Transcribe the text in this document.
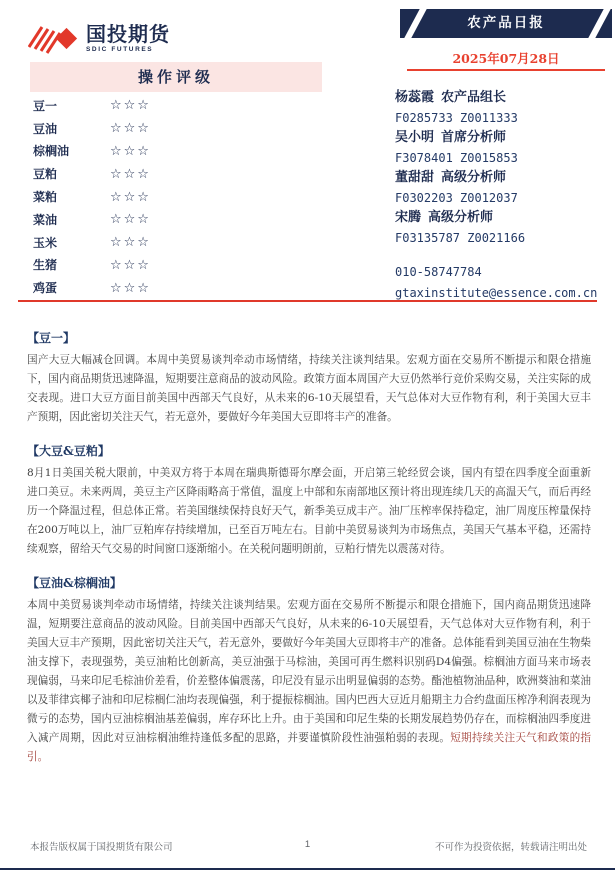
国投期货
SDIC FUTURES
农产品日报
2025年07月28日
操作评级
豆一	☆☆☆
豆油	☆☆☆
棕榈油	☆☆☆
豆粕	☆☆☆
菜粕	☆☆☆
菜油	☆☆☆
玉米	☆☆☆
生猪	☆☆☆
鸡蛋	☆☆☆
杨蕊霞 农产品组长
F0285733 Z0011333
吴小明 首席分析师
F3078401 Z0015853
董甜甜 高级分析师
F0302203 Z0012037
宋腾 高级分析师
F03135787 Z0021166
010-58747784
gtaxinstitute@essence.com.cn
【豆一】

国产大豆大幅减仓回调。本周中美贸易谈判牵动市场情绪，持续关注谈判结果。宏观方面在交易所不断提示和限仓措施下，国内商品期货迅速降温，短期要注意商品的波动风险。政策方面本周国产大豆仍然举行竞价采购交易，关注实际的成交表现。进口大豆方面目前美国中西部天气良好，从未来的6-10天展望看，天气总体对大豆作物有利，利于美国大豆丰产预期，因此密切关注天气，若无意外，要做好今年美国大豆即将丰产的准备。

【大豆&豆粕】

8月1日美国关税大限前，中美双方将于本周在瑞典斯德哥尔摩会面，开启第三轮经贸会谈，国内有望在四季度全面重新进口美豆。未来两周，美豆主产区降雨略高于常值，温度上中部和东南部地区预计将出现连续几天的高温天气，而后再经历一个降温过程，但总体正常。若美国继续保持良好天气，新季美豆成丰产。油厂压榨率保持稳定，油厂周度压榨量保持在200万吨以上，油厂豆粕库存持续增加，已至百万吨左右。目前中美贸易谈判为市场焦点，美国天气基本平稳，还需持续观察，留给天气交易的时间窗口逐渐缩小。在关税问题明朗前，豆粕行情先以震荡对待。

【豆油&棕榈油】

本周中美贸易谈判牵动市场情绪，持续关注谈判结果。宏观方面在交易所不断提示和限仓措施下，国内商品期货迅速降温，短期要注意商品的波动风险。目前美国中西部天气良好，从未来的6-10天展望看，天气总体对大豆作物有利，利于美国大豆丰产预期，因此密切关注天气，若无意外，要做好今年美国大豆即将丰产的准备。总体能看到美国豆油在生物柴油支撑下，表现强势，美豆油粕比创新高，美豆油强于马棕油，美国可再生燃料识别码D4偏强。棕榈油方面马来市场表现偏弱，马来印尼毛棕油价差看，价差整体偏震荡，印尼没有显示出明显偏弱的态势。酯池植物油品种，欧洲葵油和菜油以及菲律宾椰子油和印尼棕榈仁油均表现偏强，利于提振棕榈油。国内巴西大豆近月船期主力合约盘面压榨净利润表现为微亏的态势，国内豆油棕榈油基差偏弱，库存环比上升。由于美国和印尼生柴的长期发展趋势仍存在，而棕榈油四季度进入减产周期，因此对豆油棕榈油维持逢低多配的思路，并要谨慎阶段性油强粕弱的表现。短期持续关注天气和政策的指引。

1
本报告版权属于国投期货有限公司	不可作为投资依据，转载请注明出处
